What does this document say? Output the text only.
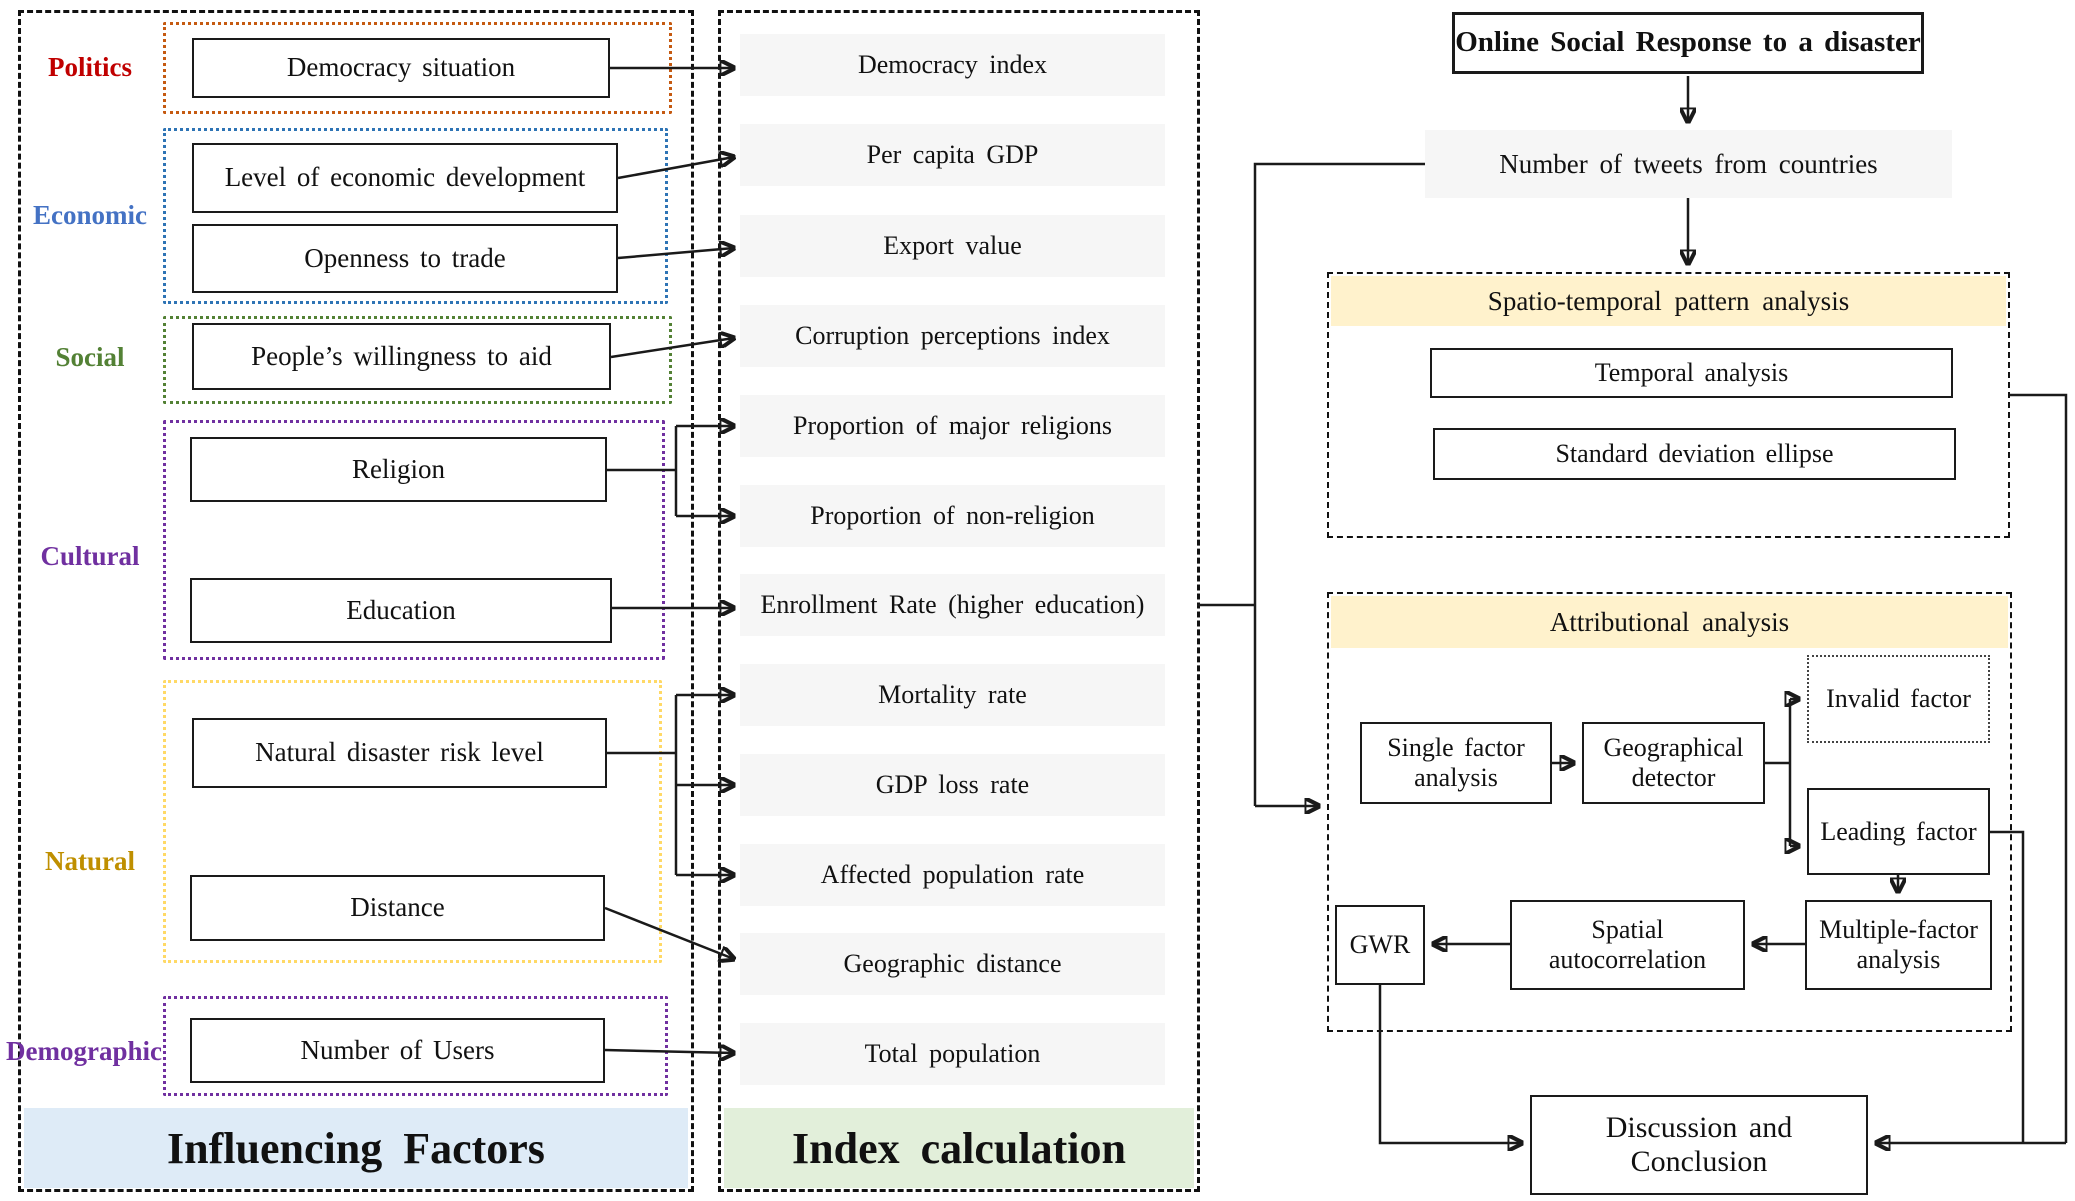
Influencing Factors
Politics	Democracy situation
Economic
Level of economic development
Openness to trade
Social	People’s willingness to aid
Cultural
Religion
Education
Natural
Natural disaster risk level
Distance
Demographic	Number of Users
Index calculation
Democracy index
Per capita GDP
Export value
Corruption perceptions index
Proportion of major religions
Proportion of non-religion
Enrollment Rate (higher education)
Mortality rate
GDP loss rate
Affected population rate
Geographic distance
Total population
Online Social Response to a disaster
Number of tweets from countries
Spatio-temporal pattern analysis
Temporal analysis
Standard deviation ellipse
Attributional analysis
Single factor analysis
Geographical detector
Invalid factor
Leading factor
GWR
Spatial autocorrelation
Multiple-factor analysis
Discussion and Conclusion
